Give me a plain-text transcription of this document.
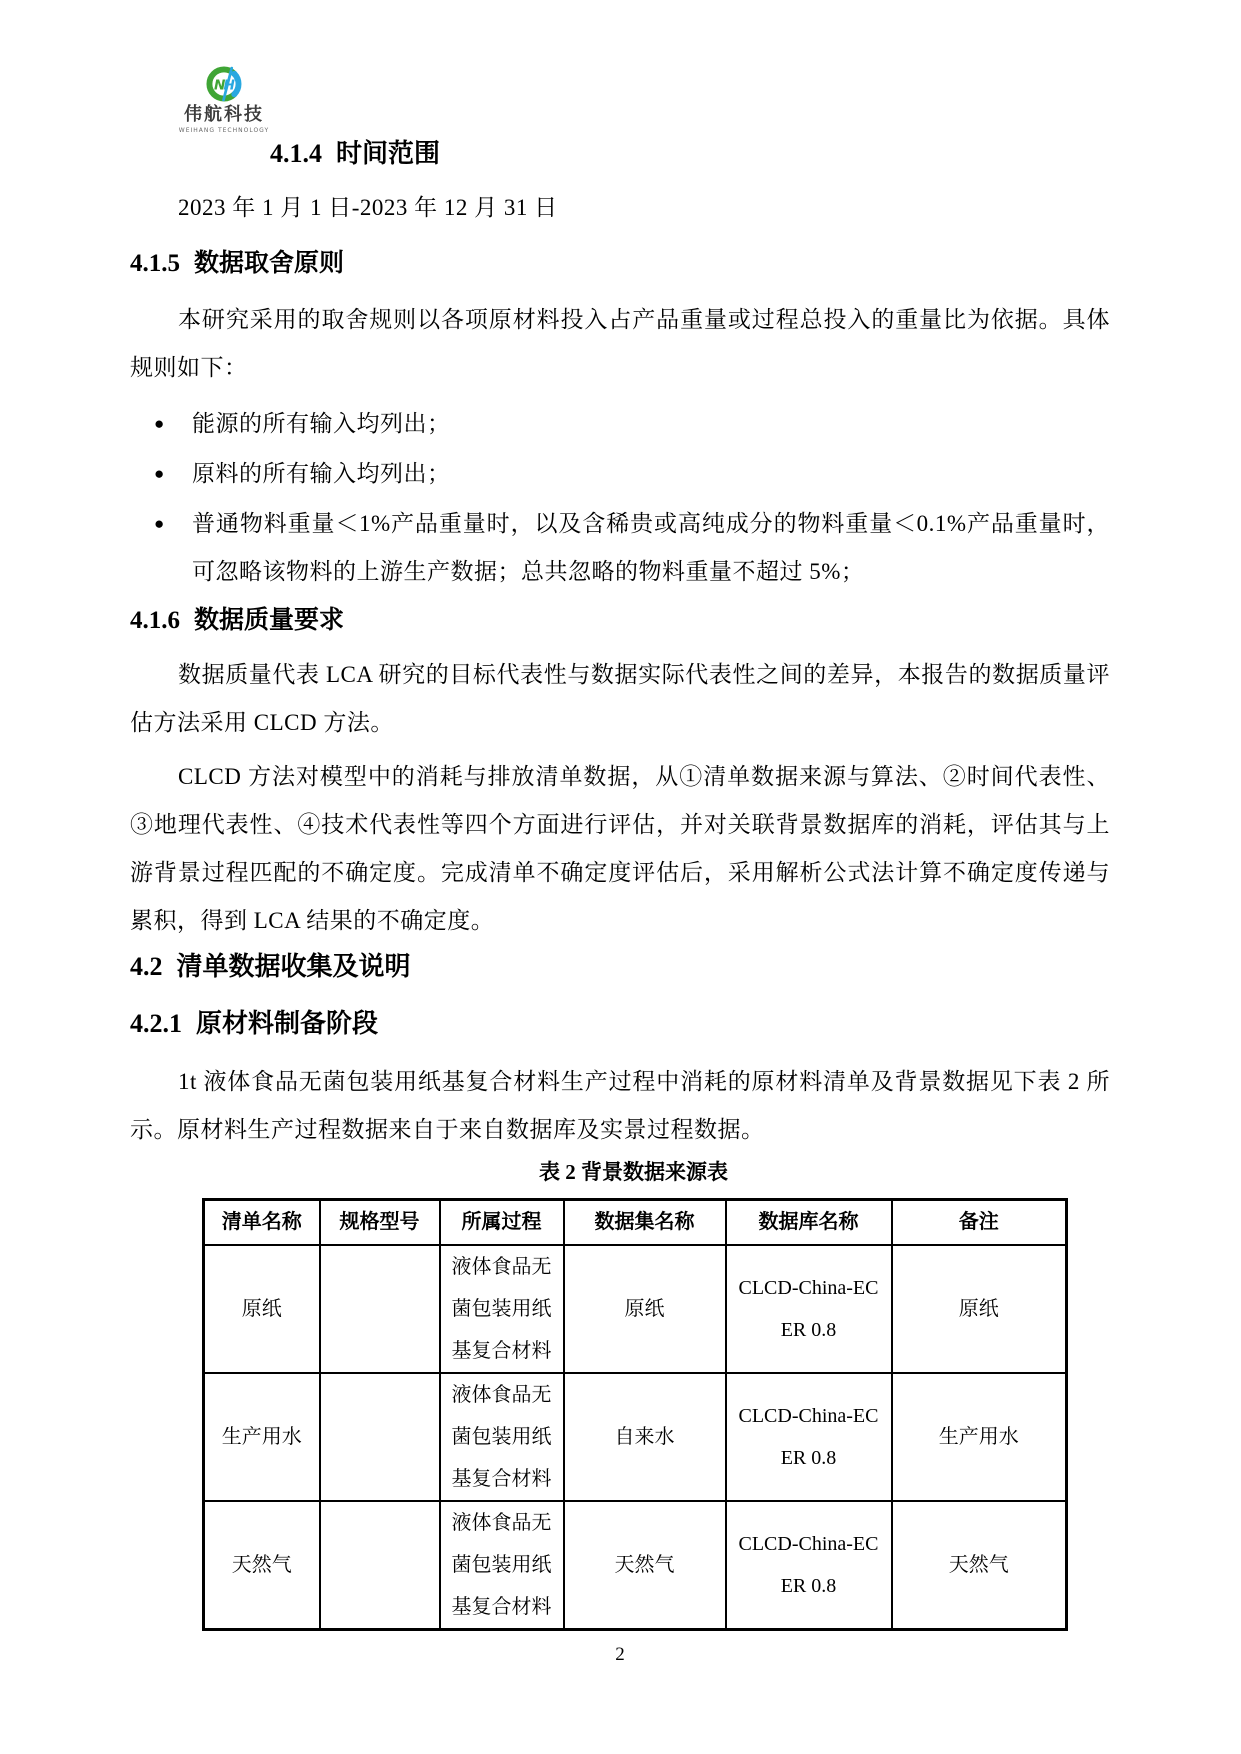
N
H
伟航科技
WEIHANG TECHNOLOGY
4.1.4 时间范围

2023 年 1 月 1 日-2023 年 12 月 31 日

4.1.5 数据取舍原则

本研究采用的取舍规则以各项原材料投入占产品重量或过程总投入的重量比为依据。具体规则如下：

● 能源的所有输入均列出；
● 原料的所有输入均列出；
● 普通物料重量＜1%产品重量时，以及含稀贵或高纯成分的物料重量＜0.1%产品重量时，可忽略该物料的上游生产数据；总共忽略的物料重量不超过 5%；
4.1.6 数据质量要求

数据质量代表 LCA 研究的目标代表性与数据实际代表性之间的差异，本报告的数据质量评估方法采用 CLCD 方法。

CLCD 方法对模型中的消耗与排放清单数据，从①清单数据来源与算法、②时间代表性、③地理代表性、④技术代表性等四个方面进行评估，并对关联背景数据库的消耗，评估其与上游背景过程匹配的不确定度。完成清单不确定度评估后，采用解析公式法计算不确定度传递与累积，得到 LCA 结果的不确定度。

4.2 清单数据收集及说明
4.2.1 原材料制备阶段

1t 液体食品无菌包装用纸基复合材料生产过程中消耗的原材料清单及背景数据见下表 2 所示。原材料生产过程数据来自于来自数据库及实景过程数据。

表 2 背景数据来源表
清单名称	规格型号	所属过程	数据集名称	数据库名称	备注
原纸		液体食品无菌包装用纸基复合材料	原纸	CLCD-China-EC ER 0.8	原纸
生产用水		液体食品无菌包装用纸基复合材料	自来水	CLCD-China-EC ER 0.8	生产用水
天然气		液体食品无菌包装用纸基复合材料	天然气	CLCD-China-EC ER 0.8	天然气
2
